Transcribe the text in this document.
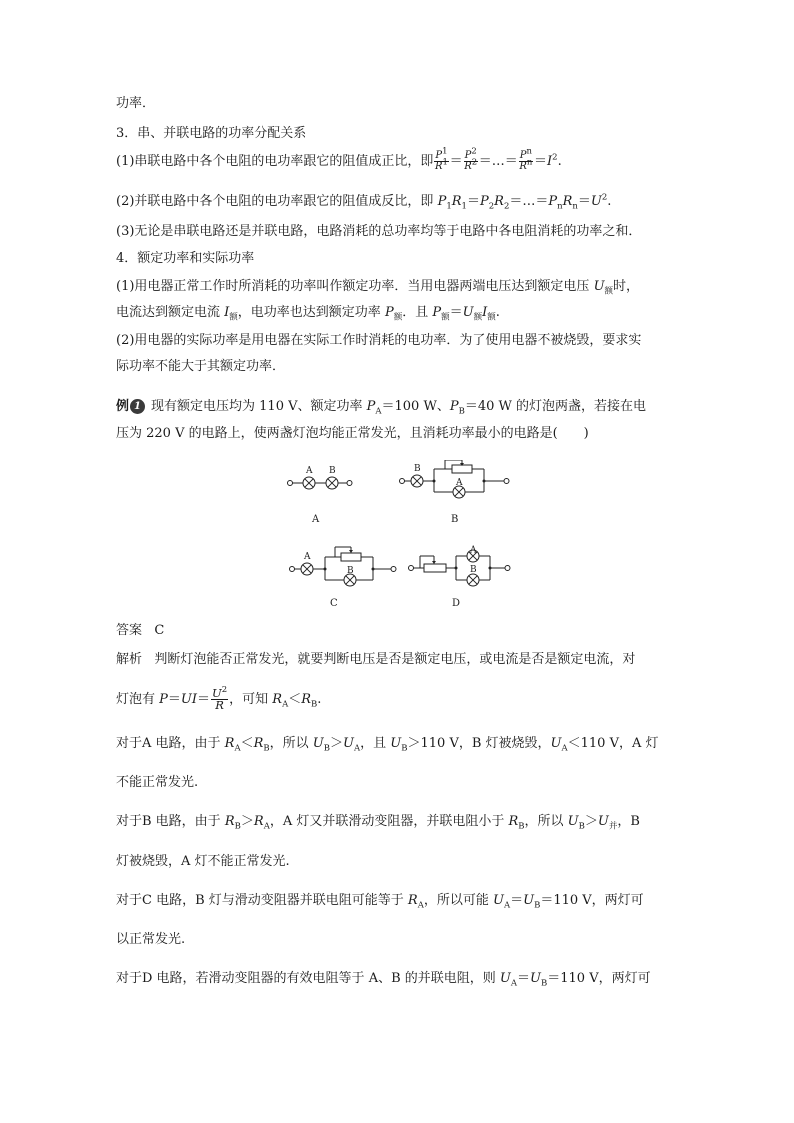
功率．
3．串、并联电路的功率分配关系
(1)串联电路中各个电阻的电功率跟它的阻值成正比，即 $\frac{P^1}{R^1} = \frac{P^2}{R^2}$ ＝…＝ $\frac{P^n}{R^n} =I^2$.
(2)并联电路中各个电阻的电功率跟它的阻值成反比，即 $P_1R_1=P_2R_2=\dots=P_nR_n=U^2$.
(3)无论是串联电路还是并联电路，电路消耗的总功率均等于电路中各电阻消耗的功率之和．
4．额定功率和实际功率
(1)用电器正常工作时所消耗的功率叫作额定功率．当用电器两端电压达到额定电压 $U_额$时，
电流达到额定电流 $I_额$，电功率也达到额定功率 $P_额$．且 $P_额=U_额I_额$.
(2)用电器的实际功率是用电器在实际工作时消耗的电功率．为了使用电器不被烧毁，要求实
际功率不能大于其额定功率．
例 1 现有额定电压均为 110 V、额定功率 $P_A=100$ W、$P_B=40$ W 的灯泡两盏，若接在电
压为 220 V 的电路上，使两盏灯泡均能正常发光，且消耗功率最小的电路是(　　)
A B
A
B
A
B
A
B
C
A
B
D
答案 C
解析 判断灯泡能否正常发光，就要判断电压是否是额定电压，或电流是否是额定电流，对
灯泡有 $P=UI= \frac{U^2}{R}$ ，可知 $R_A<R_B$.
对于A 电路，由于 $R_A<R_B$，所以 $U_B>U_A$，且 $U_B>110$ V，B 灯被烧毁，$U_A<110$ V，A 灯
不能正常发光.
对于B 电路，由于 $R_B>R_A$，A 灯又并联滑动变阻器，并联电阻小于 $R_B$，所以 $U_B>U_并$，B
灯被烧毁，A 灯不能正常发光.
对于C 电路，B 灯与滑动变阻器并联电阻可能等于 $R_A$，所以可能 $U_A=U_B=110$ V，两灯可
以正常发光.
对于D 电路，若滑动变阻器的有效电阻等于 A、B 的并联电阻，则 $U_A=U_B=110$ V，两灯可
